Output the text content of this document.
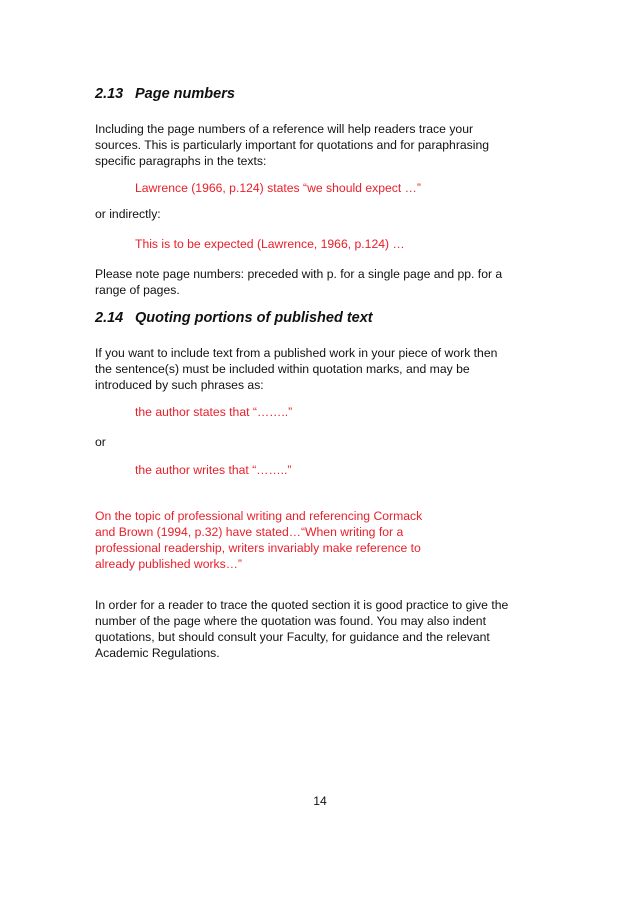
2.13 Page numbers

Including the page numbers of a reference will help readers trace your
sources. This is particularly important for quotations and for paraphrasing
specific paragraphs in the texts:

Lawrence (1966, p.124) states “we should expect …”

or indirectly:

This is to be expected (Lawrence, 1966, p.124) …

Please note page numbers: preceded with p. for a single page and pp. for a
range of pages.

2.14 Quoting portions of published text

If you want to include text from a published work in your piece of work then
the sentence(s) must be included within quotation marks, and may be
introduced by such phrases as:

the author states that “……..”

or

the author writes that “……..”

On the topic of professional writing and referencing Cormack
and Brown (1994, p.32) have stated…“When writing for a
professional readership, writers invariably make reference to
already published works…”

In order for a reader to trace the quoted section it is good practice to give the
number of the page where the quotation was found. You may also indent
quotations, but should consult your Faculty, for guidance and the relevant
Academic Regulations.

14
